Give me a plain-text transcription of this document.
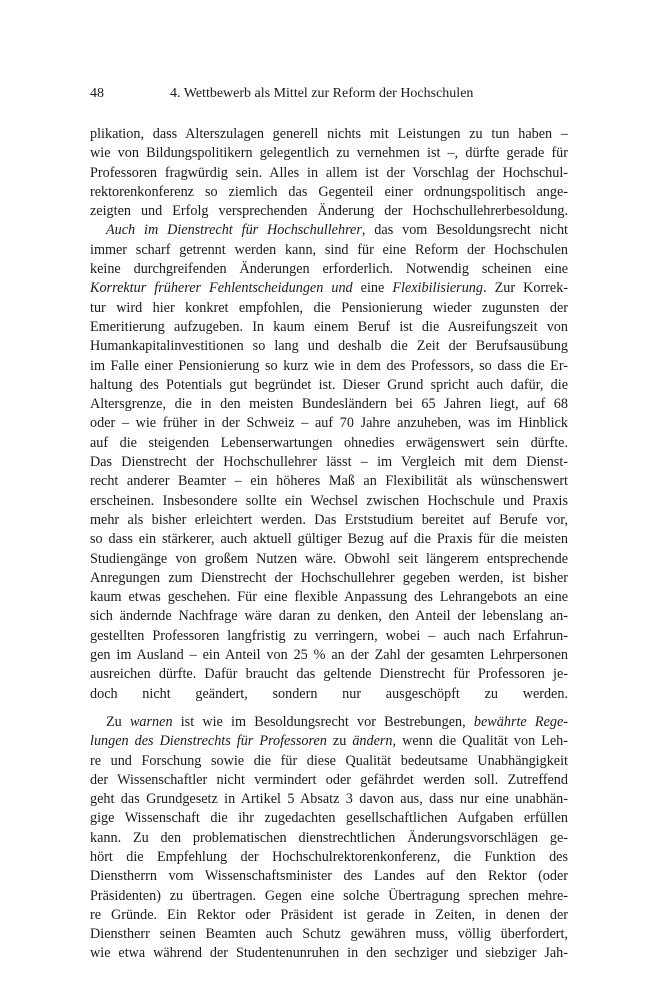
48	4. Wettbewerb als Mittel zur Reform der Hochschulen
plikation, dass Alterszulagen generell nichts mit Leistungen zu tun haben –
wie von Bildungspolitikern gelegentlich zu vernehmen ist –, dürfte gerade für
Professoren fragwürdig sein. Alles in allem ist der Vorschlag der Hochschul-
rektorenkonferenz so ziemlich das Gegenteil einer ordnungspolitisch ange-
zeigten und Erfolg versprechenden Änderung der Hochschullehrerbesoldung.
Auch im Dienstrecht für Hochschullehrer, das vom Besoldungsrecht nicht
immer scharf getrennt werden kann, sind für eine Reform der Hochschulen
keine durchgreifenden Änderungen erforderlich. Notwendig scheinen eine
Korrektur früherer Fehlentscheidungen und eine Flexibilisierung. Zur Korrek-
tur wird hier konkret empfohlen, die Pensionierung wieder zugunsten der
Emeritierung aufzugeben. In kaum einem Beruf ist die Ausreifungszeit von
Humankapitalinvestitionen so lang und deshalb die Zeit der Berufsausübung
im Falle einer Pensionierung so kurz wie in dem des Professors, so dass die Er-
haltung des Potentials gut begründet ist. Dieser Grund spricht auch dafür, die
Altersgrenze, die in den meisten Bundesländern bei 65 Jahren liegt, auf 68
oder – wie früher in der Schweiz – auf 70 Jahre anzuheben, was im Hinblick
auf die steigenden Lebenserwartungen ohnedies erwägenswert sein dürfte.
Das Dienstrecht der Hochschullehrer lässt – im Vergleich mit dem Dienst-
recht anderer Beamter – ein höheres Maß an Flexibilität als wünschenswert
erscheinen. Insbesondere sollte ein Wechsel zwischen Hochschule und Praxis
mehr als bisher erleichtert werden. Das Erststudium bereitet auf Berufe vor,
so dass ein stärkerer, auch aktuell gültiger Bezug auf die Praxis für die meisten
Studiengänge von großem Nutzen wäre. Obwohl seit längerem entsprechende
Anregungen zum Dienstrecht der Hochschullehrer gegeben werden, ist bisher
kaum etwas geschehen. Für eine flexible Anpassung des Lehrangebots an eine
sich ändernde Nachfrage wäre daran zu denken, den Anteil der lebenslang an-
gestellten Professoren langfristig zu verringern, wobei – auch nach Erfahrun-
gen im Ausland – ein Anteil von 25 % an der Zahl der gesamten Lehrpersonen
ausreichen dürfte. Dafür braucht das geltende Dienstrecht für Professoren je-
doch nicht geändert, sondern nur ausgeschöpft zu werden.
Zu warnen ist wie im Besoldungsrecht vor Bestrebungen, bewährte Rege-
lungen des Dienstrechts für Professoren zu ändern, wenn die Qualität von Leh-
re und Forschung sowie die für diese Qualität bedeutsame Unabhängigkeit
der Wissenschaftler nicht vermindert oder gefährdet werden soll. Zutreffend
geht das Grundgesetz in Artikel 5 Absatz 3 davon aus, dass nur eine unabhän-
gige Wissenschaft die ihr zugedachten gesellschaftlichen Aufgaben erfüllen
kann. Zu den problematischen dienstrechtlichen Änderungsvorschlägen ge-
hört die Empfehlung der Hochschulrektorenkonferenz, die Funktion des
Dienstherrn vom Wissenschaftsminister des Landes auf den Rektor (oder
Präsidenten) zu übertragen. Gegen eine solche Übertragung sprechen mehre-
re Gründe. Ein Rektor oder Präsident ist gerade in Zeiten, in denen der
Dienstherr seinen Beamten auch Schutz gewähren muss, völlig überfordert,
wie etwa während der Studentenunruhen in den sechziger und siebziger Jah-
